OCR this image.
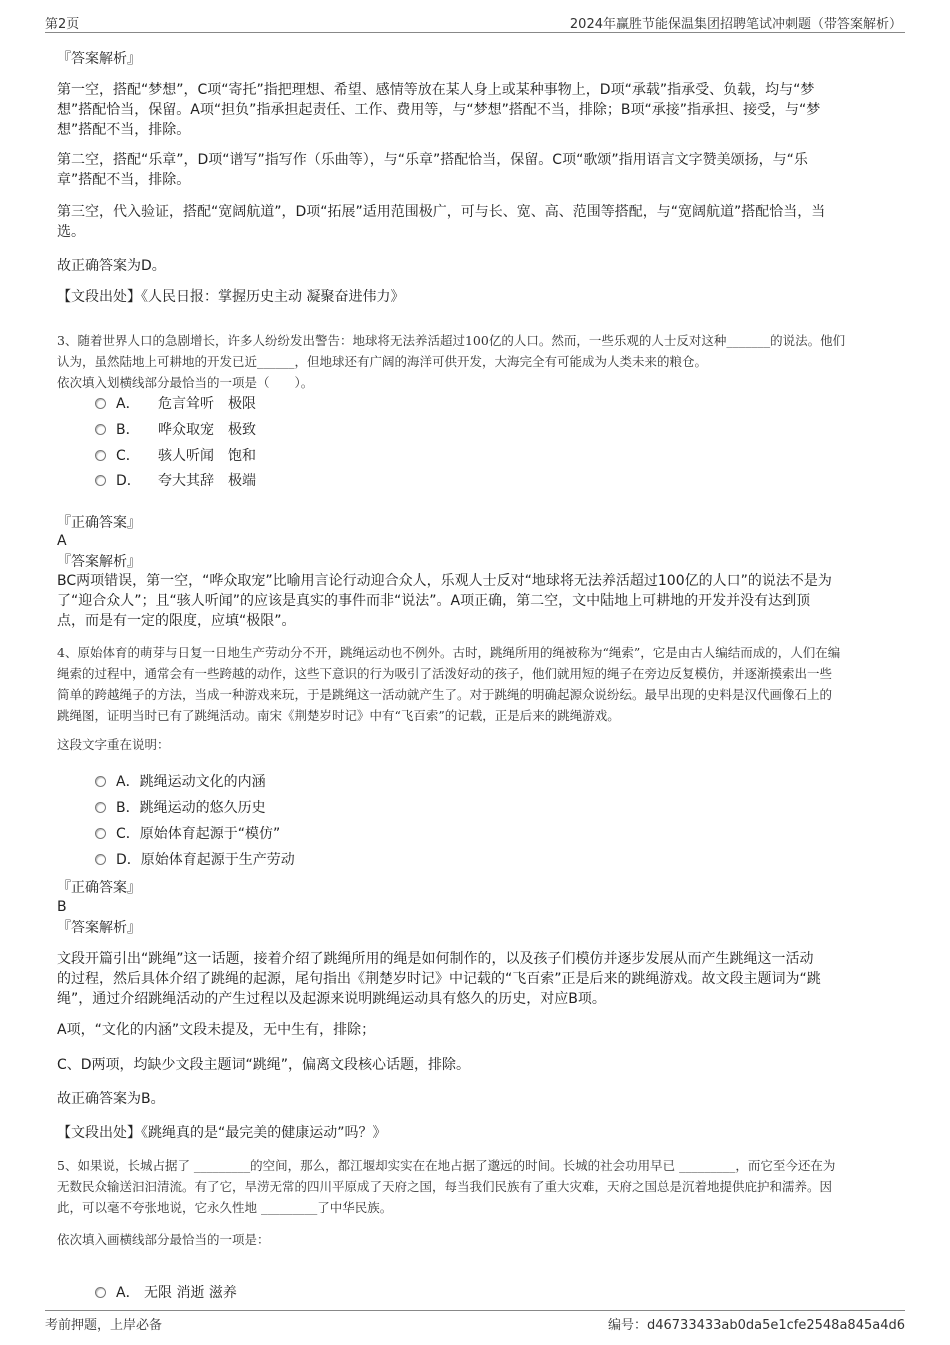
第2页	2024年赢胜节能保温集团招聘笔试冲刺题（带答案解析）
『答案解析』
第一空，搭配“梦想”，C项“寄托”指把理想、希望、感情等放在某人身上或某种事物上，D项“承载”指承受、负载，均与“梦
想”搭配恰当，保留。A项“担负”指承担起责任、工作、费用等，与“梦想”搭配不当，排除；B项“承接”指承担、接受，与“梦
想”搭配不当，排除。
第二空，搭配“乐章”，D项“谱写”指写作（乐曲等），与“乐章”搭配恰当，保留。C项“歌颂”指用语言文字赞美颂扬，与“乐
章”搭配不当，排除。
第三空，代入验证，搭配“宽阔航道”，D项“拓展”适用范围极广，可与长、宽、高、范围等搭配，与“宽阔航道”搭配恰当，当
选。
故正确答案为D。
【文段出处】《人民日报：掌握历史主动 凝聚奋进伟力》
3、随着世界人口的急剧增长，许多人纷纷发出警告：地球将无法养活超过100亿的人口。然而，一些乐观的人士反对这种_______的说法。他们
认为，虽然陆地上可耕地的开发已近______，但地球还有广阔的海洋可供开发，大海完全有可能成为人类未来的粮仓。
依次填入划横线部分最恰当的一项是（　　）。
A． 危言耸听 极限
B． 哗众取宠 极致
C． 骇人听闻 饱和
D． 夸大其辞 极端
『正确答案』
A
『答案解析』
BC两项错误，第一空，“哗众取宠”比喻用言论行动迎合众人，乐观人士反对“地球将无法养活超过100亿的人口”的说法不是为
了“迎合众人”；且“骇人听闻”的应该是真实的事件而非“说法”。A项正确，第二空，文中陆地上可耕地的开发并没有达到顶
点，而是有一定的限度，应填“极限”。
4、原始体育的萌芽与日复一日地生产劳动分不开，跳绳运动也不例外。古时，跳绳所用的绳被称为“绳索”，它是由古人编结而成的，人们在编
绳索的过程中，通常会有一些跨越的动作，这些下意识的行为吸引了活泼好动的孩子，他们就用短的绳子在旁边反复模仿，并逐渐摸索出一些
简单的跨越绳子的方法，当成一种游戏来玩，于是跳绳这一活动就产生了。对于跳绳的明确起源众说纷纭。最早出现的史料是汉代画像石上的
跳绳图，证明当时已有了跳绳活动。南宋《荆楚岁时记》中有“飞百索”的记载，正是后来的跳绳游戏。
这段文字重在说明：
A．跳绳运动文化的内涵
B．跳绳运动的悠久历史
C．原始体育起源于“模仿”
D．原始体育起源于生产劳动
『正确答案』
B
『答案解析』
文段开篇引出“跳绳”这一话题，接着介绍了跳绳所用的绳是如何制作的，以及孩子们模仿并逐步发展从而产生跳绳这一活动
的过程，然后具体介绍了跳绳的起源，尾句指出《荆楚岁时记》中记载的“飞百索”正是后来的跳绳游戏。故文段主题词为“跳
绳”，通过介绍跳绳活动的产生过程以及起源来说明跳绳运动具有悠久的历史，对应B项。
A项，“文化的内涵”文段未提及，无中生有，排除；
C、D两项，均缺少文段主题词“跳绳”，偏离文段核心话题，排除。
故正确答案为B。
【文段出处】《跳绳真的是“最完美的健康运动”吗？》
5、如果说，长城占据了 _________的空间，那么，都江堰却实实在在地占据了邈远的时间。长城的社会功用早已 _________，而它至今还在为
无数民众输送汩汩清流。有了它，旱涝无常的四川平原成了天府之国，每当我们民族有了重大灾难，天府之国总是沉着地提供庇护和濡养。因
此，可以毫不夸张地说，它永久性地 _________了中华民族。
依次填入画横线部分最恰当的一项是：
A． 无限 消逝 滋养
考前押题，上岸必备	编号：d46733433ab0da5e1cfe2548a845a4d6
